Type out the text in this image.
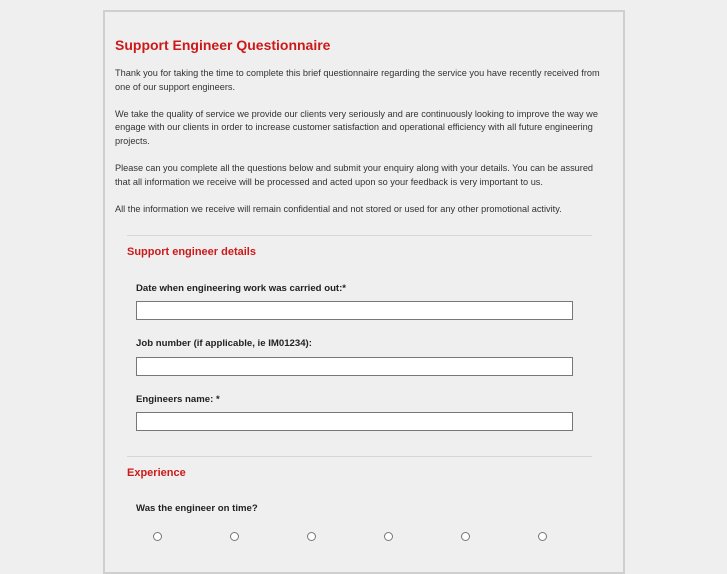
Support Engineer Questionnaire

Thank you for taking the time to complete this brief questionnaire regarding the service you have recently received from one of our support engineers.

We take the quality of service we provide our clients very seriously and are continuously looking to improve the way we engage with our clients in order to increase customer satisfaction and operational efficiency with all future engineering projects.

Please can you complete all the questions below and submit your enquiry along with your details. You can be assured that all information we receive will be processed and acted upon so your feedback is very important to us.

All the information we receive will remain confidential and not stored or used for any other promotional activity.

Support engineer details
Date when engineering work was carried out:*
Job number (if applicable, ie IM01234):
Engineers name: *
Experience
Was the engineer on time?
